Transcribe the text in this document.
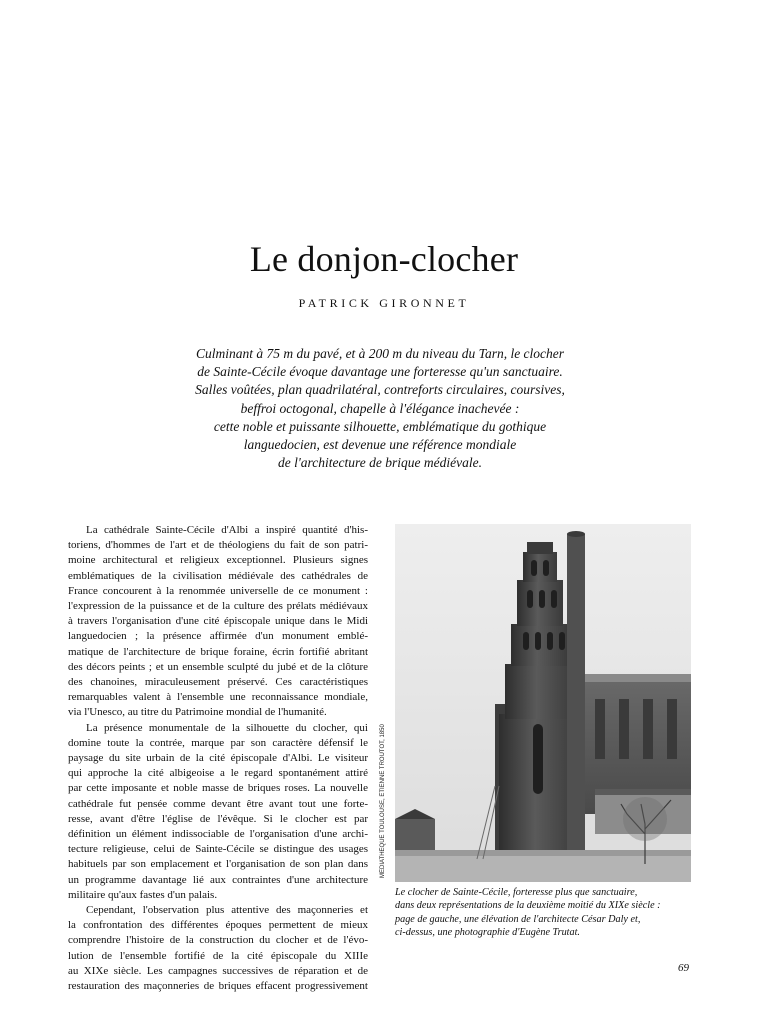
Le donjon-clocher
PATRICK GIRONNET
Culminant à 75 m du pavé, et à 200 m du niveau du Tarn, le clocher
de Sainte-Cécile évoque davantage une forteresse qu'un sanctuaire.
Salles voûtées, plan quadrilatéral, contreforts circulaires, coursives,
beffroi octogonal, chapelle à l'élégance inachevée :
cette noble et puissante silhouette, emblématique du gothique
languedocien, est devenue une référence mondiale
de l'architecture de brique médiévale.
La cathédrale Sainte-Cécile d'Albi a inspiré quantité d'his-
toriens, d'hommes de l'art et de théologiens du fait de son patri-
moine architectural et religieux exceptionnel. Plusieurs signes
emblématiques de la civilisation médiévale des cathédrales de
France concourent à la renommée universelle de ce monument :
l'expression de la puissance et de la culture des prélats médiévaux
à travers l'organisation d'une cité épiscopale unique dans le Midi
languedocien ; la présence affirmée d'un monument emblé-
matique de l'architecture de brique foraine, écrin fortifié abritant
des décors peints ; et un ensemble sculpté du jubé et de la clôture
des chanoines, miraculeusement préservé. Ces caractéristiques
remarquables valent à l'ensemble une reconnaissance mondiale,
via l'Unesco, au titre du Patrimoine mondial de l'humanité.
La présence monumentale de la silhouette du clocher, qui
domine toute la contrée, marque par son caractère défensif le
paysage du site urbain de la cité épiscopale d'Albi. Le visiteur
qui approche la cité albigeoise a le regard spontanément attiré
par cette imposante et noble masse de briques roses. La nouvelle
cathédrale fut pensée comme devant être avant tout une forte-
resse, avant d'être l'église de l'évêque. Si le clocher est par
définition un élément indissociable de l'organisation d'une archi-
tecture religieuse, celui de Sainte-Cécile se distingue des usages
habituels par son emplacement et l'organisation de son plan dans
un programme davantage lié aux contraintes d'une architecture
militaire qu'aux fastes d'un palais.
Cependant, l'observation plus attentive des maçonneries et
la confrontation des différentes époques permettent de mieux
comprendre l'histoire de la construction du clocher et de l'évo-
lution de l'ensemble fortifié de la cité épiscopale du XIIIe
au XIXe siècle. Les campagnes successives de réparation et de
restauration des maçonneries de briques effacent progressivement
MÉDIATHÈQUE TOULOUSE, ÉTIENNE TROUTOT, 1850
Le clocher de Sainte-Cécile, forteresse plus que sanctuaire,
dans deux représentations de la deuxième moitié du XIXe siècle :
page de gauche, une élévation de l'architecte César Daly et,
ci-dessus, une photographie d'Eugène Trutat.
69
